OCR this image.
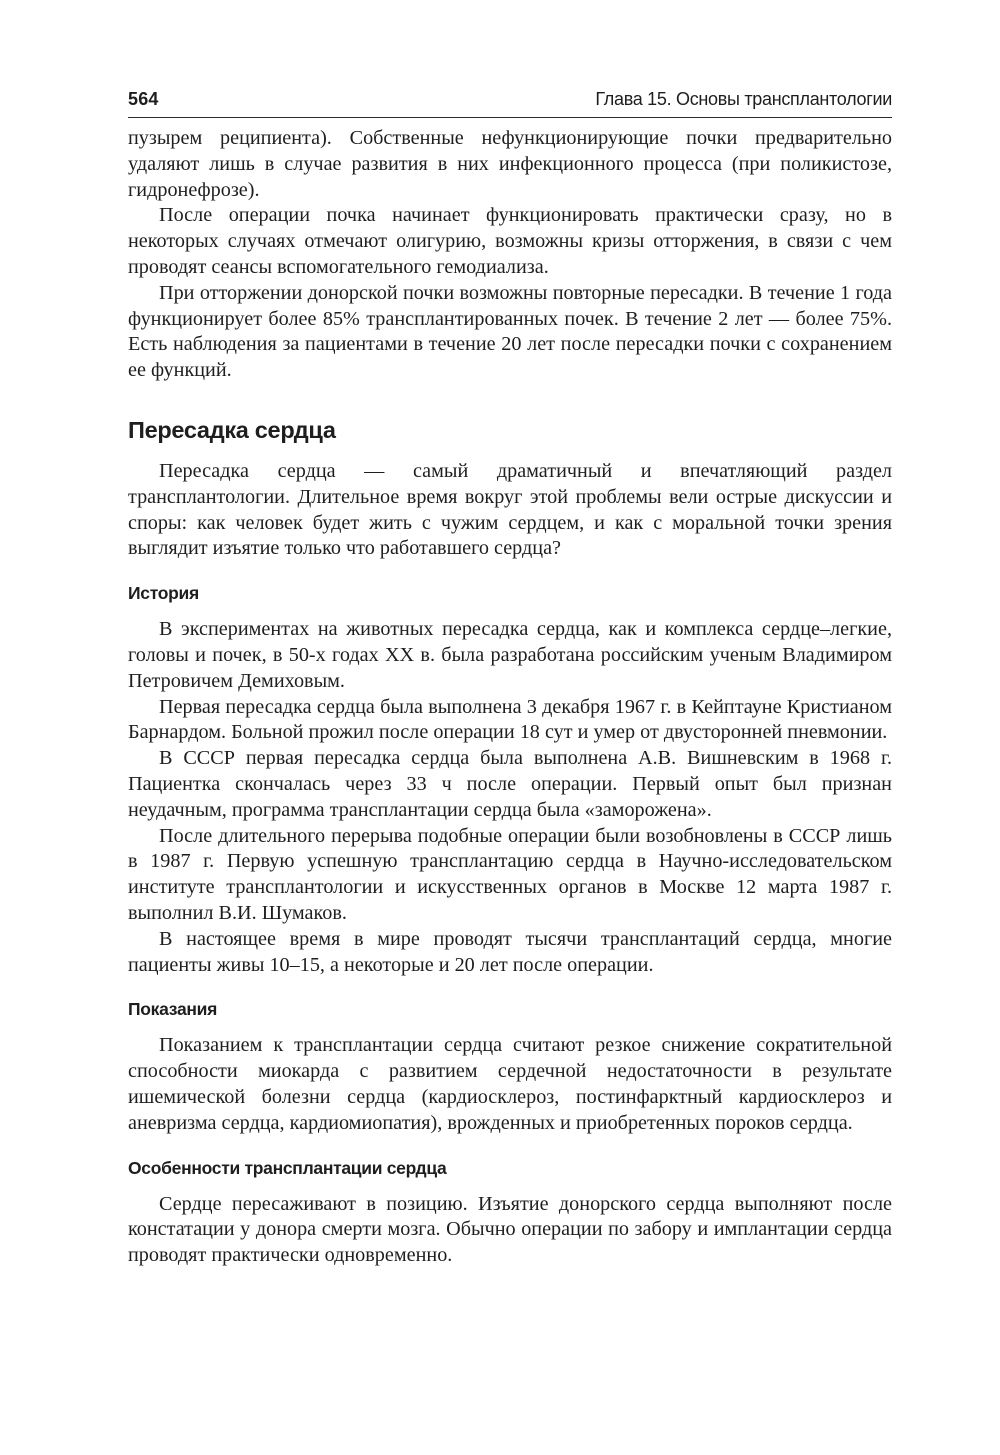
564	Глава 15. Основы трансплантологии

пузырем реципиента). Собственные нефункционирующие почки предварительно удаляют лишь в случае развития в них инфекционного процесса (при поликистозе, гидронефрозе).

После операции почка начинает функционировать практически сразу, но в некоторых случаях отмечают олигурию, возможны кризы отторжения, в связи с чем проводят сеансы вспомогательного гемодиализа.

При отторжении донорской почки возможны повторные пересадки. В течение 1 года функционирует более 85% трансплантированных почек. В течение 2 лет — более 75%. Есть наблюдения за пациентами в течение 20 лет после пересадки почки с сохранением ее функций.

Пересадка сердца

Пересадка сердца — самый драматичный и впечатляющий раздел трансплантологии. Длительное время вокруг этой проблемы вели острые дискуссии и споры: как человек будет жить с чужим сердцем, и как с моральной точки зрения выглядит изъятие только что работавшего сердца?

История

В экспериментах на животных пересадка сердца, как и комплекса сердце–легкие, головы и почек, в 50-х годах XX в. была разработана российским ученым Владимиром Петровичем Демиховым.

Первая пересадка сердца была выполнена 3 декабря 1967 г. в Кейптауне Кристианом Барнардом. Больной прожил после операции 18 сут и умер от двусторонней пневмонии.

В СССР первая пересадка сердца была выполнена А.В. Вишневским в 1968 г. Пациентка скончалась через 33 ч после операции. Первый опыт был признан неудачным, программа трансплантации сердца была «заморожена».

После длительного перерыва подобные операции были возобновлены в СССР лишь в 1987 г. Первую успешную трансплантацию сердца в Научно-исследовательском институте трансплантологии и искусственных органов в Москве 12 марта 1987 г. выполнил В.И. Шумаков.

В настоящее время в мире проводят тысячи трансплантаций сердца, многие пациенты живы 10–15, а некоторые и 20 лет после операции.

Показания

Показанием к трансплантации сердца считают резкое снижение сократительной способности миокарда с развитием сердечной недостаточности в результате ишемической болезни сердца (кардиосклероз, постинфарктный кардиосклероз и аневризма сердца, кардиомиопатия), врожденных и приобретенных пороков сердца.

Особенности трансплантации сердца

Сердце пересаживают в позицию. Изъятие донорского сердца выполняют после констатации у донора смерти мозга. Обычно операции по забору и имплантации сердца проводят практически одновременно.
